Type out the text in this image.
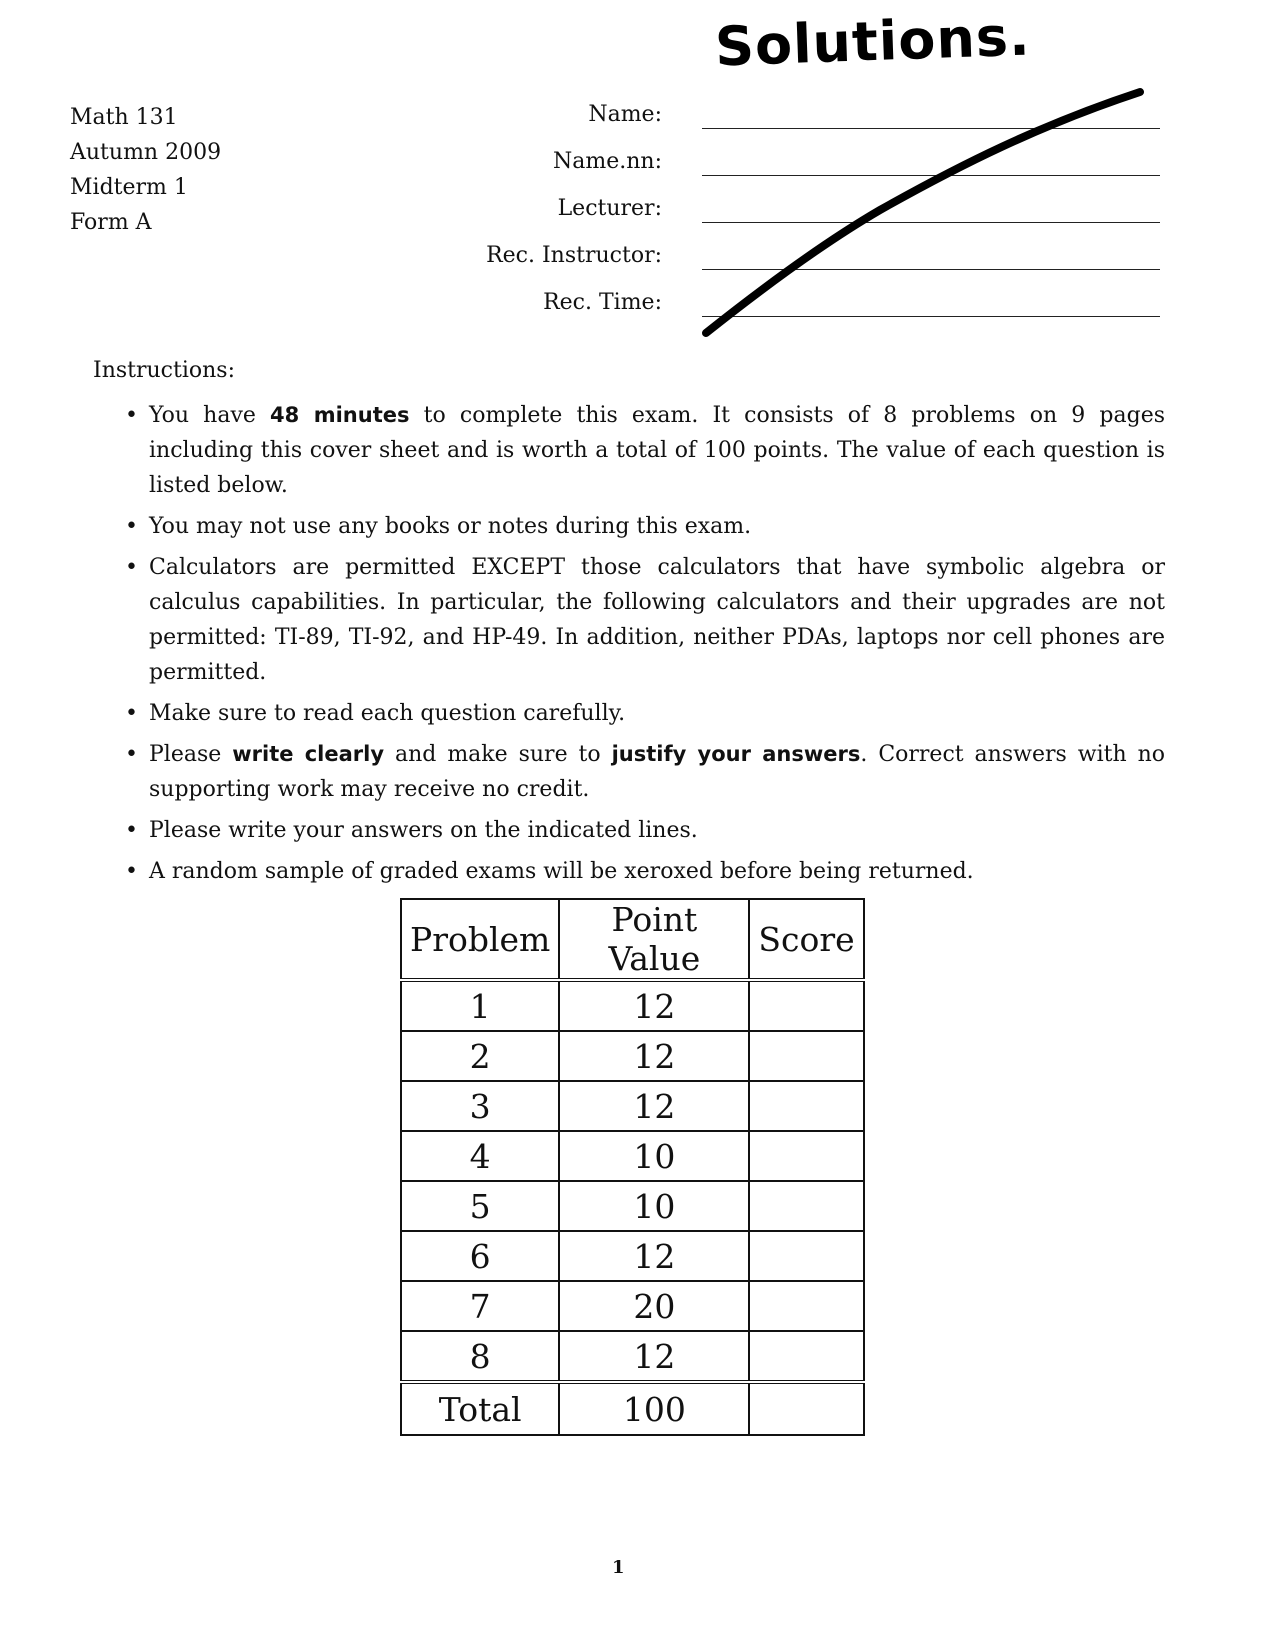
Solutions.
Math 131
Autumn 2009
Midterm 1
Form A
Name:
Name.nn:
Lecturer:
Rec. Instructor:
Rec. Time:
Instructions:
• You have 48 minutes to complete this exam. It consists of 8 problems on 9 pages including this cover sheet and is worth a total of 100 points. The value of each question is listed below.
• You may not use any books or notes during this exam.
• Calculators are permitted EXCEPT those calculators that have symbolic algebra or calculus capabilities. In particular, the following calculators and their upgrades are not permitted: TI-89, TI-92, and HP-49. In addition, neither PDAs, laptops nor cell phones are permitted.
• Make sure to read each question carefully.
• Please write clearly and make sure to justify your answers. Correct answers with no supporting work may receive no credit.
• Please write your answers on the indicated lines.
• A random sample of graded exams will be xeroxed before being returned.
Problem	Point Value	Score
1	12	
2	12	
3	12	
4	10	
5	10	
6	12	
7	20	
8	12	
Total	100	
1
